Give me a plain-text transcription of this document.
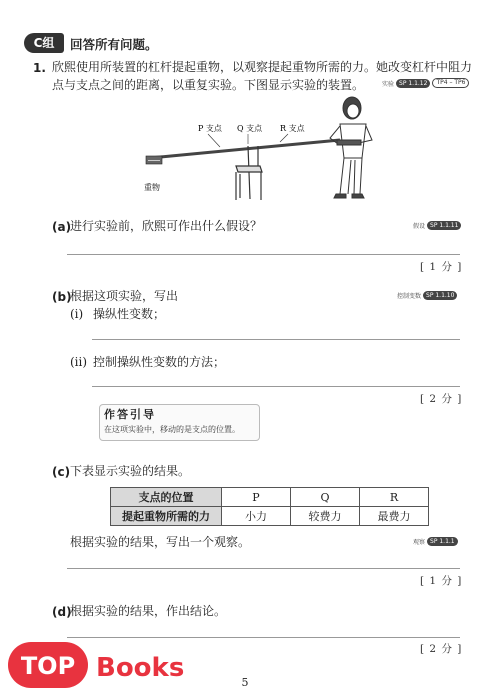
C组	回答所有问题。
1. 欣熙使用所装置的杠杆提起重物，以观察提起重物所需的力。她改变杠杆中阻力
点与支点之间的距离，以重复实验。下图显示实验的装置。	实验 SP 1.1.12	TP4 – TP6
P 支点 Q 支点 R 支点
重物
(a)
进行实验前，欣熙可作出什么假设？	假设 SP 1.1.11
[ 1 分 ]
(b)
根据这项实验，写出	控制变数 SP 1.1.10
(i) 操纵性变数；
(ii) 控制操纵性变数的方法；
[ 2 分 ]
作答引导
在这项实验中，移动的是支点的位置。
(c) 下表显示实验的结果。
支点的位置	P	Q	R
提起重物所需的力	小力	较费力	最费力
根据实验的结果，写出一个观察。	观察 SP 1.1.1
[ 1 分 ]
(d)
根据实验的结果，作出结论。
[ 2 分 ]
TOP Books	5
